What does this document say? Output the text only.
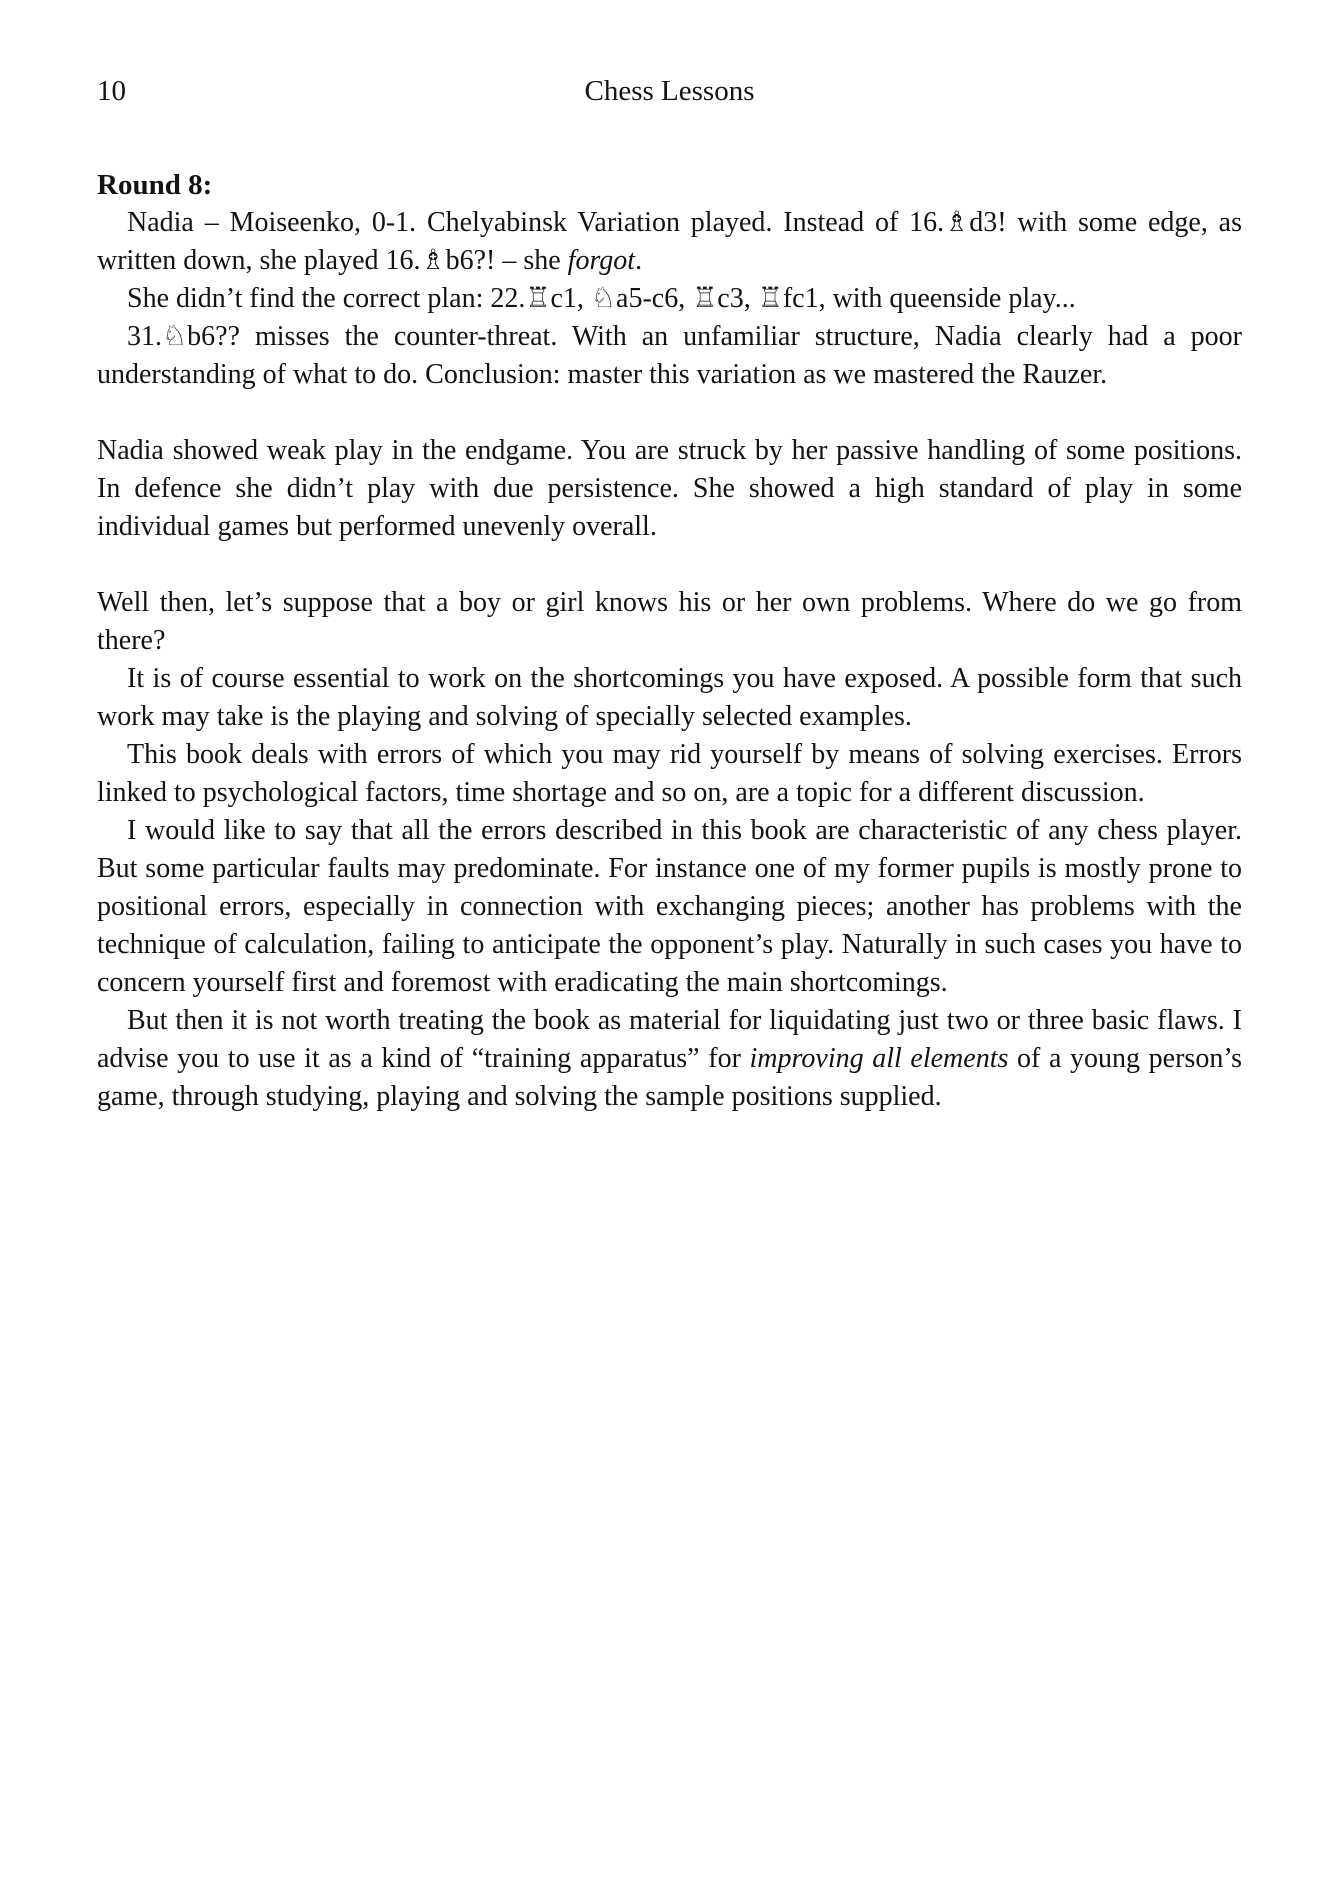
10	Chess Lessons
Round 8:

Nadia – Moiseenko, 0-1. Chelyabinsk Variation played. Instead of 16.♗d3! with some edge, as written down, she played 16.♗b6?! – she forgot.

She didn’t find the correct plan: 22.♖c1, ♘a5-c6, ♖c3, ♖fc1, with queenside play...

31.♘b6?? misses the counter-threat. With an unfamiliar structure, Nadia clearly had a poor understanding of what to do. Conclusion: master this variation as we mastered the Rauzer.

Nadia showed weak play in the endgame. You are struck by her passive handling of some positions. In defence she didn’t play with due persistence. She showed a high standard of play in some individual games but performed unevenly overall.

Well then, let’s suppose that a boy or girl knows his or her own problems. Where do we go from there?

It is of course essential to work on the shortcomings you have exposed. A possible form that such work may take is the playing and solving of specially selected examples.

This book deals with errors of which you may rid yourself by means of solving exercises. Errors linked to psychological factors, time shortage and so on, are a topic for a different discussion.

I would like to say that all the errors described in this book are characteristic of any chess player. But some particular faults may predominate. For instance one of my former pupils is mostly prone to positional errors, especially in connection with exchanging pieces; another has problems with the technique of calculation, failing to anticipate the opponent’s play. Naturally in such cases you have to concern yourself first and foremost with eradicating the main shortcomings.

But then it is not worth treating the book as material for liquidating just two or three basic flaws. I advise you to use it as a kind of “training apparatus” for improving all elements of a young person’s game, through studying, playing and solving the sample positions supplied.
